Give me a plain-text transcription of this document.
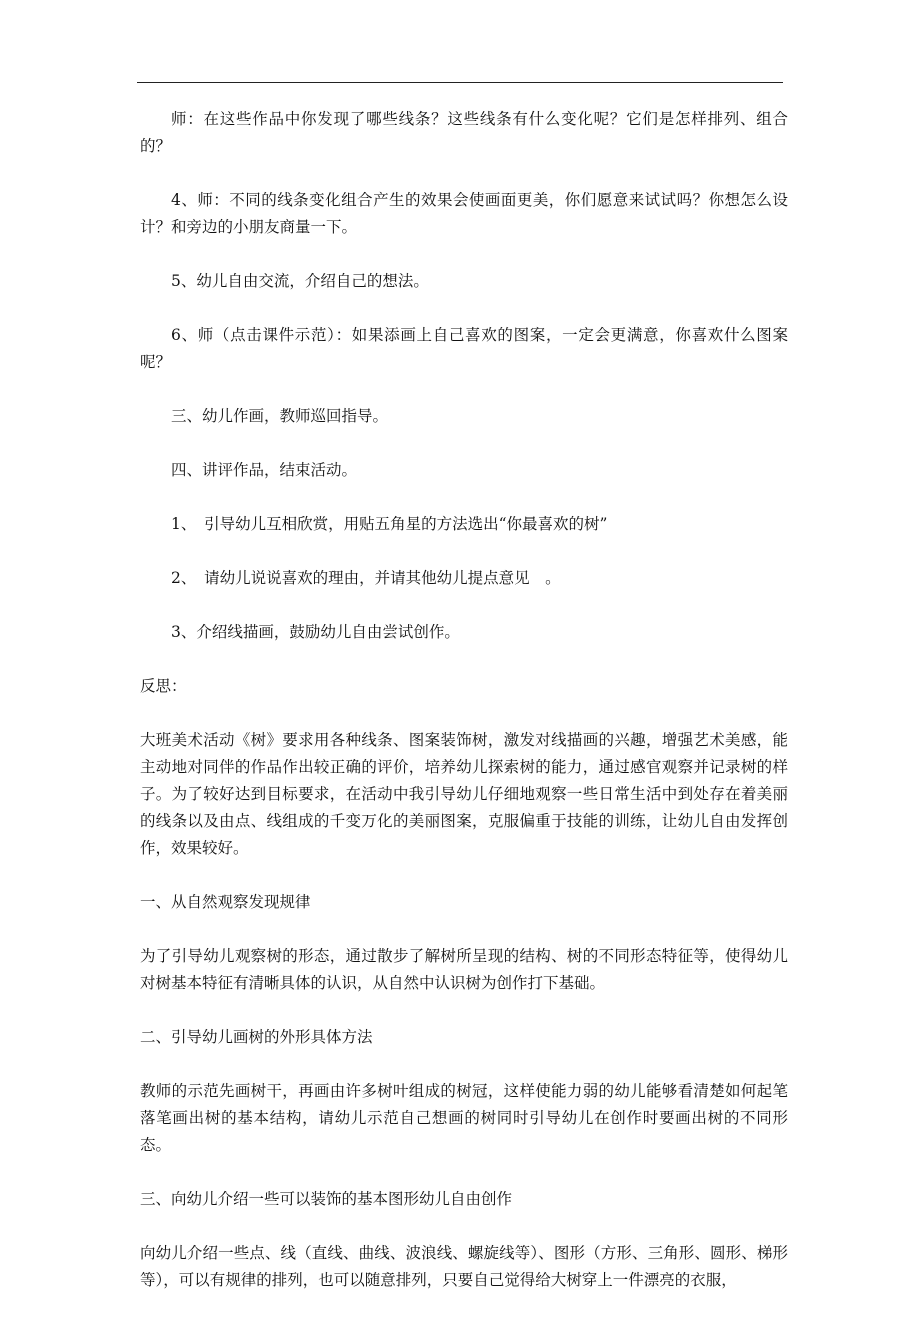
师：在这些作品中你发现了哪些线条？这些线条有什么变化呢？它们是怎样排列、组合的？

4、师：不同的线条变化组合产生的效果会使画面更美，你们愿意来试试吗？你想怎么设计？和旁边的小朋友商量一下。

5、幼儿自由交流，介绍自己的想法。

6、师（点击课件示范）：如果添画上自己喜欢的图案，一定会更满意，你喜欢什么图案呢？

三、幼儿作画，教师巡回指导。

四、讲评作品，结束活动。

1、　引导幼儿互相欣赏，用贴五角星的方法选出“你最喜欢的树”

2、　请幼儿说说喜欢的理由，并请其他幼儿提点意见　。

3、介绍线描画，鼓励幼儿自由尝试创作。

反思：

大班美术活动《树》要求用各种线条、图案装饰树，激发对线描画的兴趣，增强艺术美感，能主动地对同伴的作品作出较正确的评价，培养幼儿探索树的能力，通过感官观察并记录树的样子。为了较好达到目标要求，在活动中我引导幼儿仔细地观察一些日常生活中到处存在着美丽的线条以及由点、线组成的千变万化的美丽图案，克服偏重于技能的训练，让幼儿自由发挥创作，效果较好。

一、从自然观察发现规律

为了引导幼儿观察树的形态，通过散步了解树所呈现的结构、树的不同形态特征等，使得幼儿对树基本特征有清晰具体的认识，从自然中认识树为创作打下基础。

二、引导幼儿画树的外形具体方法

教师的示范先画树干，再画由许多树叶组成的树冠，这样使能力弱的幼儿能够看清楚如何起笔落笔画出树的基本结构，请幼儿示范自己想画的树同时引导幼儿在创作时要画出树的不同形态。

三、向幼儿介绍一些可以装饰的基本图形幼儿自由创作

向幼儿介绍一些点、线（直线、曲线、波浪线、螺旋线等）、图形（方形、三角形、圆形、梯形等），可以有规律的排列，也可以随意排列，只要自己觉得给大树穿上一件漂亮的衣服，
